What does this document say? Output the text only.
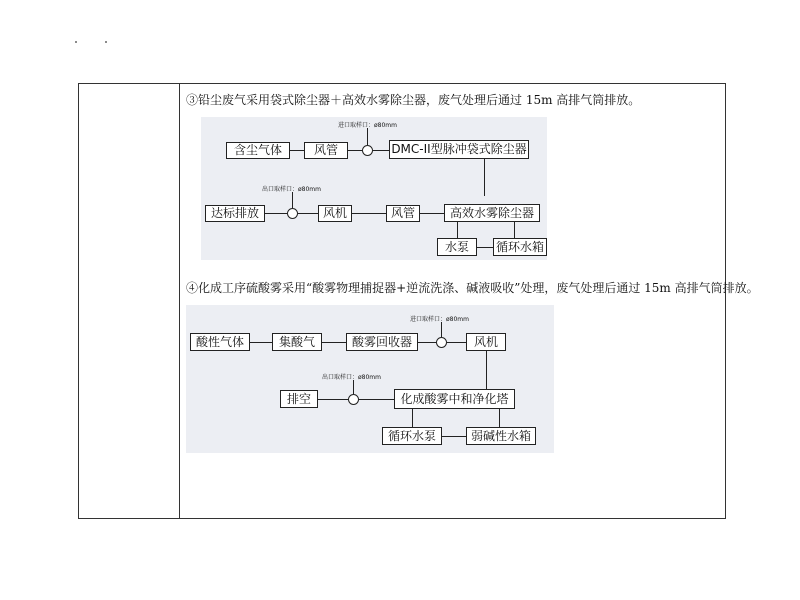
③铅尘废气采用袋式除尘器＋高效水雾除尘器，废气处理后通过 15m 高排气筒排放。
含尘气体	风管
进口取样口：ø80mm
DMC-II型脉冲袋式除尘器
达标排放
出口取样口：ø80mm
风机	风管	高效水雾除尘器
水泵	循环水箱
④化成工序硫酸雾采用“酸雾物理捕捉器+逆流洗涤、碱液吸收”处理，废气处理后通过 15m 高排气筒排放。
酸性气体	集酸气	酸雾回收器
进口取样口：ø80mm
风机
排空
出口取样口：ø80mm
化成酸雾中和净化塔
循环水泵	弱碱性水箱
